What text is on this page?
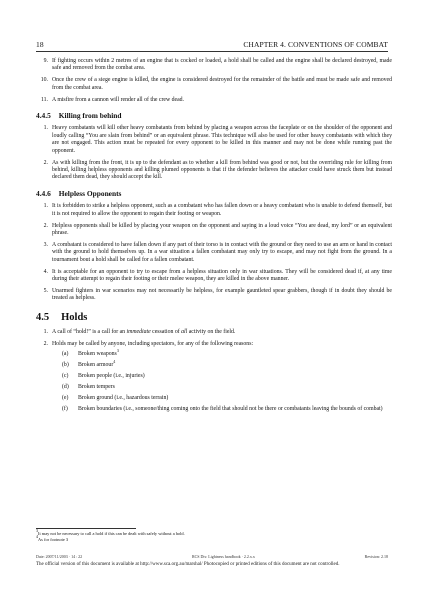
18	CHAPTER 4. CONVENTIONS OF COMBAT
9. If fighting occurs within 2 metres of an engine that is cocked or loaded, a hold shall be called and the engine shall be declared destroyed, made safe and removed from the combat area.
10. Once the crew of a siege engine is killed, the engine is considered destroyed for the remainder of the battle and must be made safe and removed from the combat area.
11. A misfire from a cannon will render all of the crew dead.
4.4.5 Killing from behind
1. Heavy combatants will kill other heavy combatants from behind by placing a weapon across the faceplate or on the shoulder of the opponent and loudly calling “You are slain from behind” or an equivalent phrase. This technique will also be used for other heavy combatants with which they are not engaged. This action must be repeated for every opponent to be killed in this manner and may not be done while running past the opponent.
2. As with killing from the front, it is up to the defendant as to whether a kill from behind was good or not, but the overriding rule for killing from behind, killing helpless opponents and killing plumed opponents is that if the defender believes the attacker could have struck them but instead declared them dead, they should accept the kill.
4.4.6 Helpless Opponents
1. It is forbidden to strike a helpless opponent, such as a combatant who has fallen down or a heavy combatant who is unable to defend themself, but it is not required to allow the opponent to regain their footing or weapon.
2. Helpless opponents shall be killed by placing your weapon on the opponent and saying in a loud voice “You are dead, my lord” or an equivalent phrase.
3. A combatant is considered to have fallen down if any part of their torso is in contact with the ground or they need to use an arm or hand in contact with the ground to hold themselves up. In a war situation a fallen combatant may only try to escape, and may not fight from the ground. In a tournament bout a hold shall be called for a fallen combatant.
4. It is acceptable for an opponent to try to escape from a helpless situation only in war situations. They will be considered dead if, at any time during their attempt to regain their footing or their melee weapon, they are killed in the above manner.
5. Unarmed fighters in war scenarios may not necessarily be helpless, for example gauntleted spear grabbers, though if in doubt they should be treated as helpless.
4.5 Holds
1. A call of “hold!” is a call for an immediate cessation of all activity on the field.
2. Holds may be called by anyone, including spectators, for any of the following reasons:
(a) Broken weapons$^3$
(b) Broken armour$^4$
(c) Broken people (i.e., injuries)
(d) Broken tempers
(e) Broken ground (i.e., hazardous terrain)
(f) Broken boundaries (i.e., someone/thing coming onto the field that should not be there or combatants leaving the bounds of combat)
$^3$It may not be necessary to call a hold if this can be dealt with safely without a hold.
$^4$As for footnote 3
Date: 2007/11/2003 · 14 : 22	RCS Div. Lightness handbook · 2.2.x.x	Revision: 2.18
The official version of this document is available at http://www.sca.org.au/marshal/ Photocopied or printed editions of this document are not controlled.
